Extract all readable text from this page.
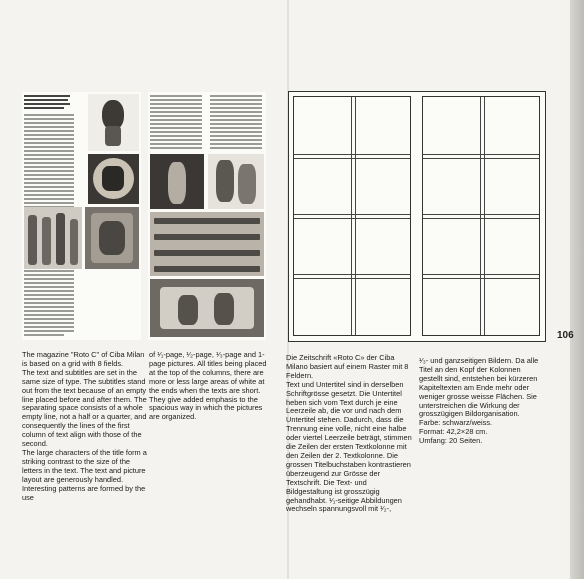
106
The magazine "Roto C" of Ciba Milan is based on a grid with 8 fields.
The text and subtitles are set in the same size of type. The subtitles stand out from the text because of an empty line placed before and after them. The separating space consists of a whole empty line, not a half or a quarter, and consequently the lines of the first column of text align with those of the second.
The large characters of the title form a striking contrast to the size of the letters in the text. The text and picture layout are generously handled. Interesting patterns are formed by the use
of ¹⁄₁-page, ¹⁄₂-page, ¹⁄₃-page and 1-page pictures. All titles being placed at the top of the columns, there are more or less large areas of white at the ends when the texts are short. They give added emphasis to the spacious way in which the pictures are organized.
Die Zeitschrift «Roto C» der Ciba Milano basiert auf einem Raster mit 8 Feldern.
Text und Untertitel sind in derselben Schriftgrösse gesetzt. Die Untertitel heben sich vom Text durch je eine Leerzeile ab, die vor und nach dem Untertitel stehen. Dadurch, dass die Trennung eine volle, nicht eine halbe oder viertel Leerzeile beträgt, stimmen die Zeilen der ersten Textkolonne mit den Zeilen der 2. Textkolonne. Die grossen Titelbuchstaben kontrastieren überzeugend zur Grösse der Textschrift. Die Text- und Bildgestaltung ist grosszügig gehandhabt. ¹⁄₁-seitige Abbildungen wechseln spannungsvoll mit ¹⁄₂-,
¹⁄₃- und ganzseitigen Bildern. Da alle Titel an den Kopf der Kolonnen gestellt sind, entstehen bei kürzeren Kapiteltexten am Ende mehr oder weniger grosse weisse Flächen. Sie unterstreichen die Wirkung der grosszügigen Bildorganisation.
Farbe: schwarz/weiss.
Format: 42,2×28 cm.
Umfang: 20 Seiten.
